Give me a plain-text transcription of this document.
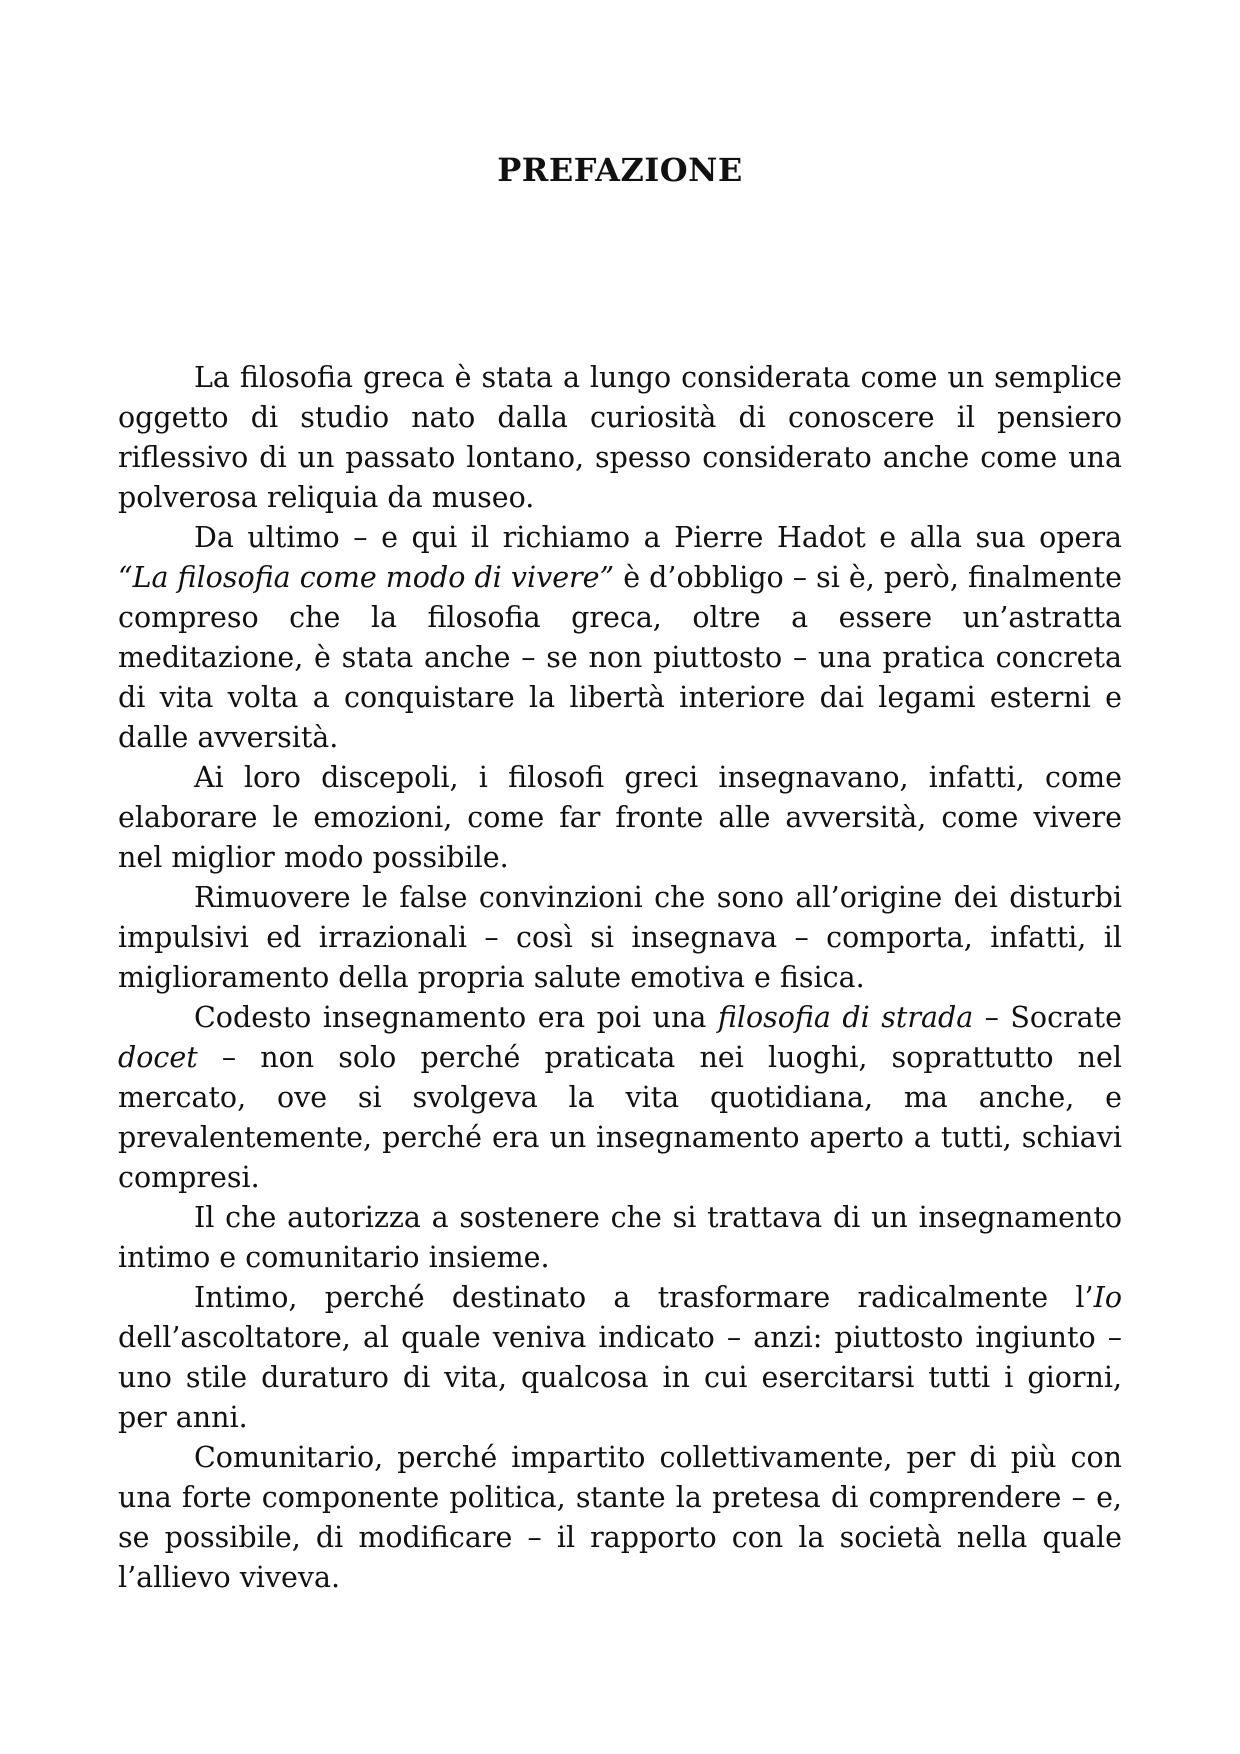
PREFAZIONE

La filosofia greca è stata a lungo considerata come un semplice oggetto di studio nato dalla curiosità di conoscere il pensiero riflessivo di un passato lontano, spesso considerato anche come una polverosa reliquia da museo.

Da ultimo – e qui il richiamo a Pierre Hadot e alla sua opera “La filosofia come modo di vivere” è d’obbligo – si è, però, finalmente compreso che la filosofia greca, oltre a essere un’astratta meditazione, è stata anche – se non piuttosto – una pratica concreta di vita volta a conquistare la libertà interiore dai legami esterni e dalle avversità.

Ai loro discepoli, i filosofi greci insegnavano, infatti, come elaborare le emozioni, come far fronte alle avversità, come vivere nel miglior modo possibile.

Rimuovere le false convinzioni che sono all’origine dei disturbi impulsivi ed irrazionali – così si insegnava – comporta, infatti, il miglioramento della propria salute emotiva e fisica.

Codesto insegnamento era poi una filosofia di strada – Socrate docet – non solo perché praticata nei luoghi, soprattutto nel mercato, ove si svolgeva la vita quotidiana, ma anche, e prevalentemente, perché era un insegnamento aperto a tutti, schiavi compresi.

Il che autorizza a sostenere che si trattava di un insegnamento intimo e comunitario insieme.

Intimo, perché destinato a trasformare radicalmente l’Io dell’ascoltatore, al quale veniva indicato – anzi: piuttosto ingiunto – uno stile duraturo di vita, qualcosa in cui esercitarsi tutti i giorni, per anni.

Comunitario, perché impartito collettivamente, per di più con una forte componente politica, stante la pretesa di comprendere – e, se possibile, di modificare – il rapporto con la società nella quale l’allievo viveva.
